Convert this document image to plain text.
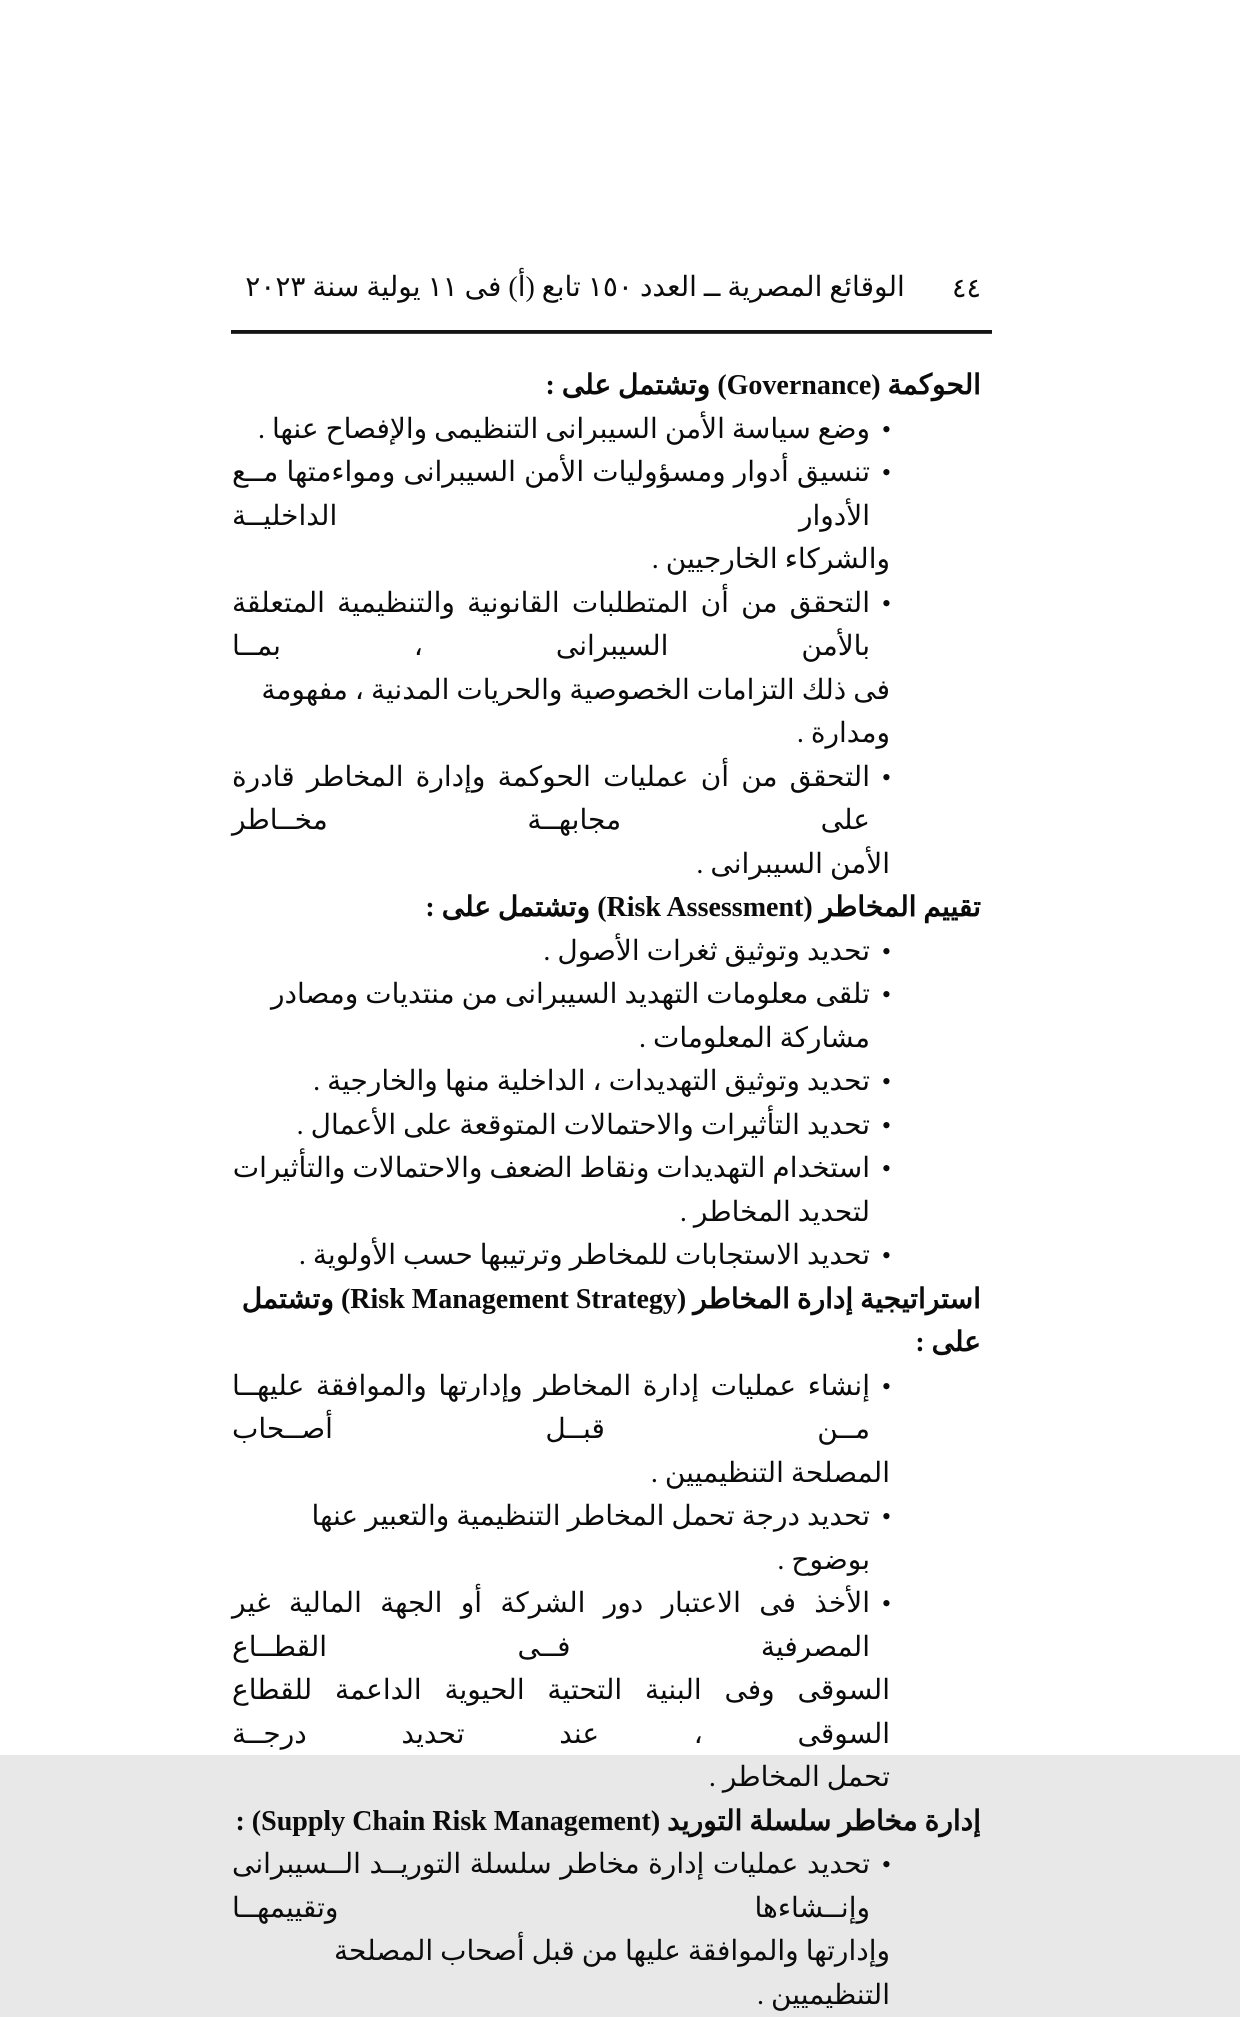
٤٤
الوقائع المصرية ــ العدد ١٥٠ تابع (أ) فى ١١ يولية سنة ٢٠٢٣
الحوكمة (Governance) وتشتمل على :
•
وضع سياسة الأمن السيبرانى التنظيمى والإفصاح عنها .
•
تنسيق أدوار ومسؤوليات الأمن السيبرانى ومواءمتها مــع الأدوار الداخليــة
والشركاء الخارجيين .
•
التحقق من أن المتطلبات القانونية والتنظيمية المتعلقة بالأمن السيبرانى ، بمــا
فى ذلك التزامات الخصوصية والحريات المدنية ، مفهومة ومدارة .
•
التحقق من أن عمليات الحوكمة وإدارة المخاطر قادرة على مجابهــة مخــاطر
الأمن السيبرانى .
تقييم المخاطر (Risk Assessment) وتشتمل على :
•
تحديد وتوثيق ثغرات الأصول .
•
تلقى معلومات التهديد السيبرانى من منتديات ومصادر مشاركة المعلومات .
•
تحديد وتوثيق التهديدات ، الداخلية منها والخارجية .
•
تحديد التأثيرات والاحتمالات المتوقعة على الأعمال .
•
استخدام التهديدات ونقاط الضعف والاحتمالات والتأثيرات لتحديد المخاطر .
•
تحديد الاستجابات للمخاطر وترتيبها حسب الأولوية .
استراتيجية إدارة المخاطر (Risk Management Strategy) وتشتمل على :
•
إنشاء عمليات إدارة المخاطر وإدارتها والموافقة عليهــا مــن قبــل أصــحاب
المصلحة التنظيميين .
•
تحديد درجة تحمل المخاطر التنظيمية والتعبير عنها بوضوح .
•
الأخذ فى الاعتبار دور الشركة أو الجهة المالية غير المصرفية فــى القطــاع
السوقى وفى البنية التحتية الحيوية الداعمة للقطاع السوقى ، عند تحديد درجــة
تحمل المخاطر .
إدارة مخاطر سلسلة التوريد (Supply Chain Risk Management) :
•
تحديد عمليات إدارة مخاطر سلسلة التوريــد الــسيبرانى وإنــشاءها وتقييمهــا
وإدارتها والموافقة عليها من قبل أصحاب المصلحة التنظيميين .
